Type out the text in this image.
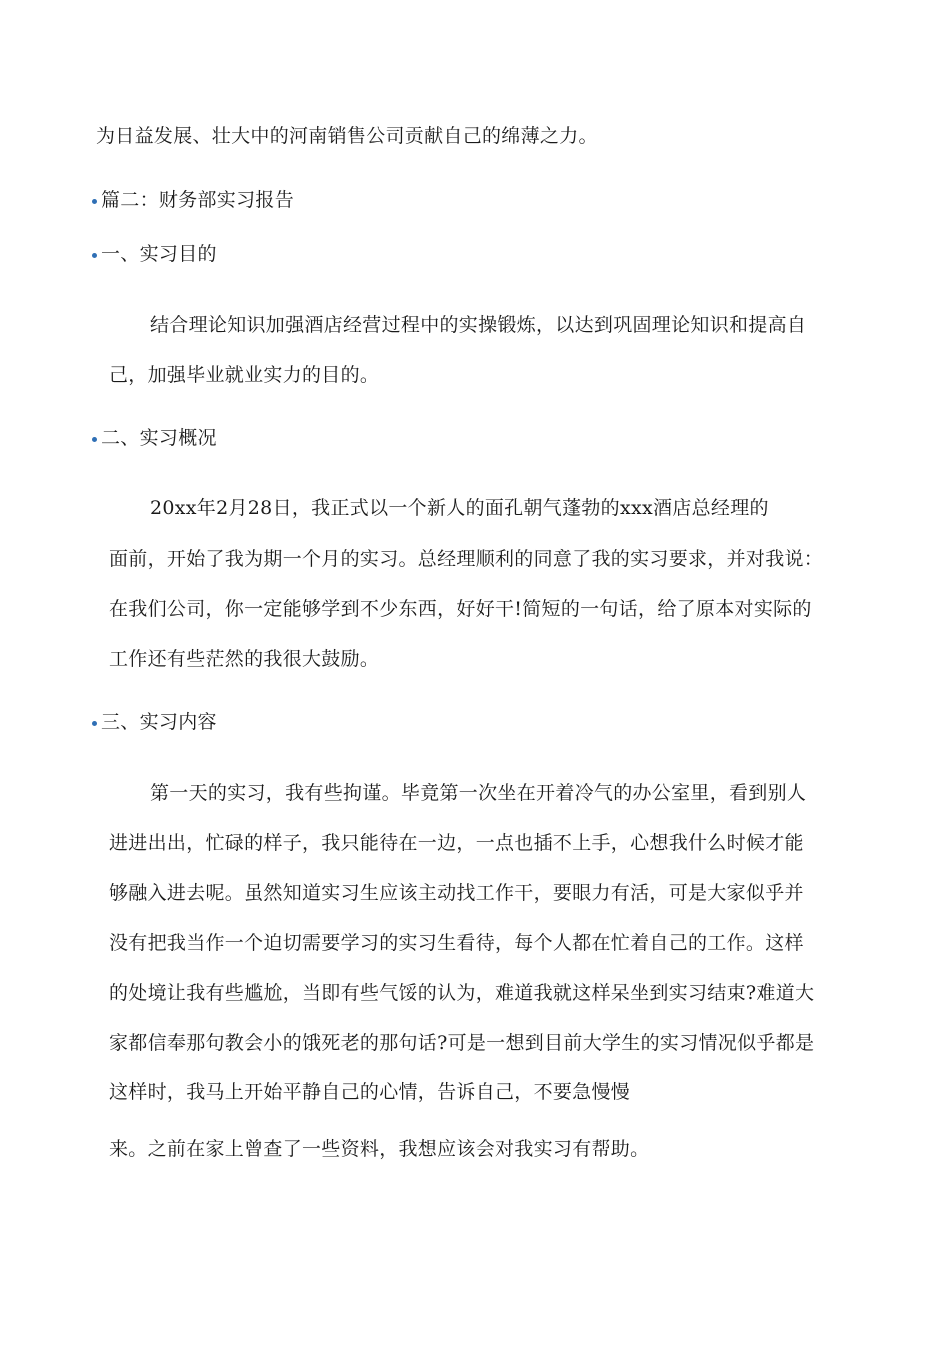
为日益发展、壮大中的河南销售公司贡献自己的绵薄之力。
篇二：财务部实习报告
一、实习目的
结合理论知识加强酒店经营过程中的实操锻炼，以达到巩固理论知识和提高自
己，加强毕业就业实力的目的。
二、实习概况
20xx年2月28日，我正式以一个新人的面孔朝气蓬勃的xxx酒店总经理的
面前，开始了我为期一个月的实习。总经理顺利的同意了我的实习要求，并对我说：
在我们公司，你一定能够学到不少东西，好好干!简短的一句话，给了原本对实际的
工作还有些茫然的我很大鼓励。
三、实习内容
第一天的实习，我有些拘谨。毕竟第一次坐在开着冷气的办公室里，看到别人
进进出出，忙碌的样子，我只能待在一边，一点也插不上手，心想我什么时候才能
够融入进去呢。虽然知道实习生应该主动找工作干，要眼力有活，可是大家似乎并
没有把我当作一个迫切需要学习的实习生看待，每个人都在忙着自己的工作。这样
的处境让我有些尴尬，当即有些气馁的认为，难道我就这样呆坐到实习结束?难道大
家都信奉那句教会小的饿死老的那句话?可是一想到目前大学生的实习情况似乎都是
这样时，我马上开始平静自己的心情，告诉自己，不要急慢慢
来。之前在家上曾查了一些资料，我想应该会对我实习有帮助。
